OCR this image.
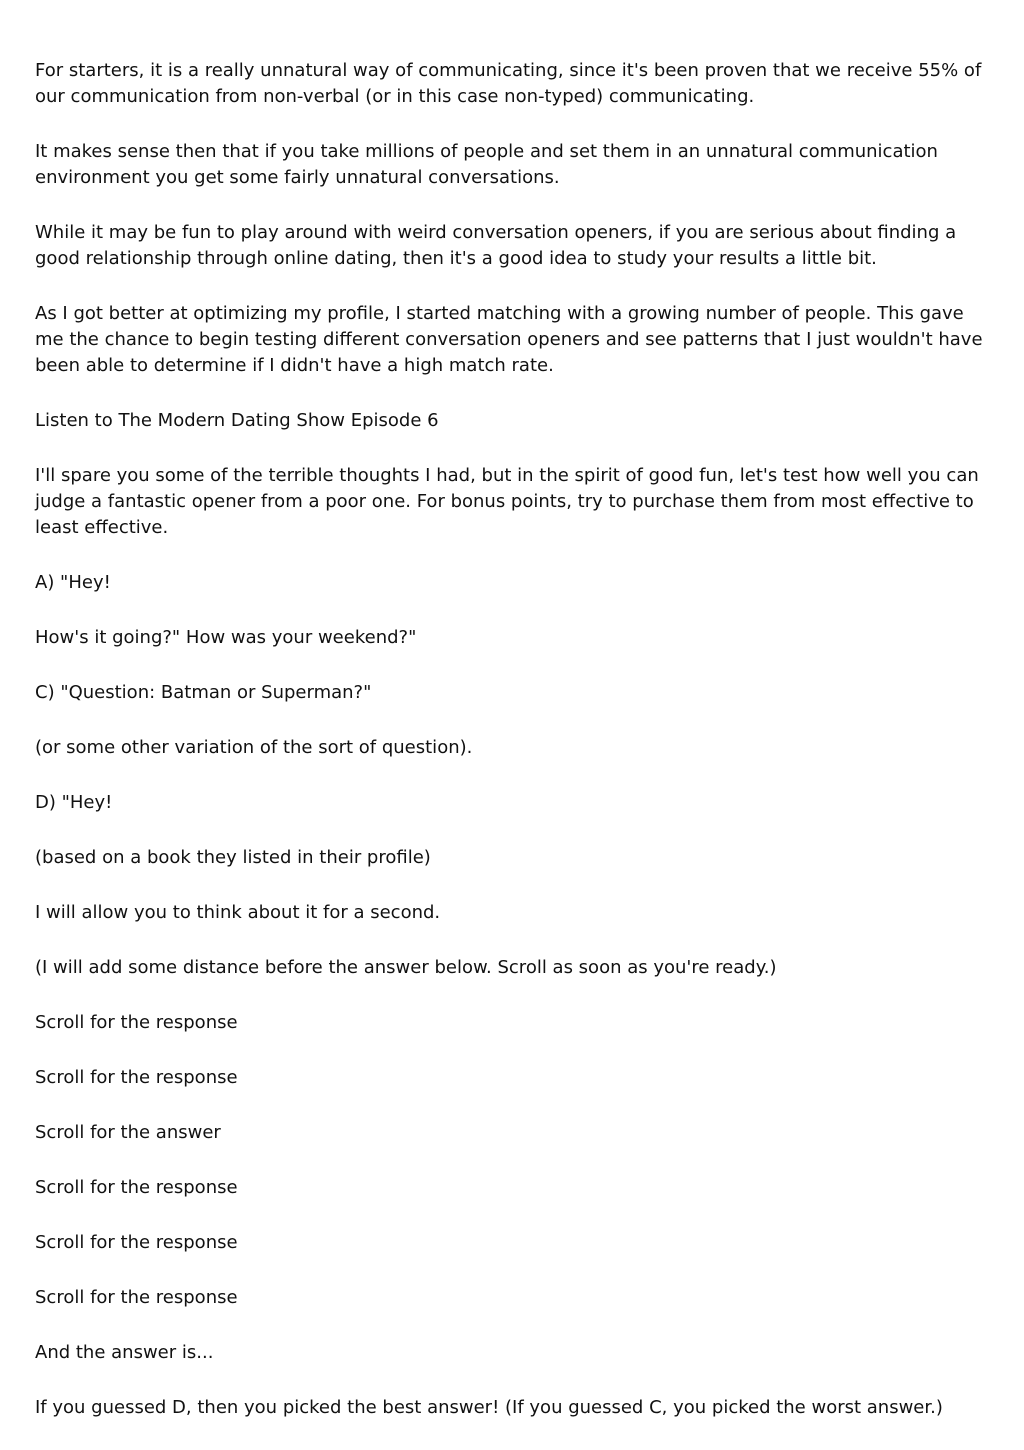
For starters, it is a really unnatural way of communicating, since it's been proven that we receive 55% of our communication from non-verbal (or in this case non-typed) communicating.

It makes sense then that if you take millions of people and set them in an unnatural communication environment you get some fairly unnatural conversations.

While it may be fun to play around with weird conversation openers, if you are serious about finding a good relationship through online dating, then it's a good idea to study your results a little bit.

As I got better at optimizing my profile, I started matching with a growing number of people. This gave me the chance to begin testing different conversation openers and see patterns that I just wouldn't have been able to determine if I didn't have a high match rate.

Listen to The Modern Dating Show Episode 6

I'll spare you some of the terrible thoughts I had, but in the spirit of good fun, let's test how well you can judge a fantastic opener from a poor one. For bonus points, try to purchase them from most effective to least effective.

A) "Hey!

How's it going?" How was your weekend?"

C) "Question: Batman or Superman?"

(or some other variation of the sort of question).

D) "Hey!

(based on a book they listed in their profile)

I will allow you to think about it for a second.

(I will add some distance before the answer below. Scroll as soon as you're ready.)

Scroll for the response

Scroll for the response

Scroll for the answer

Scroll for the response

Scroll for the response

Scroll for the response

And the answer is...

If you guessed D, then you picked the best answer! (If you guessed C, you picked the worst answer.)
